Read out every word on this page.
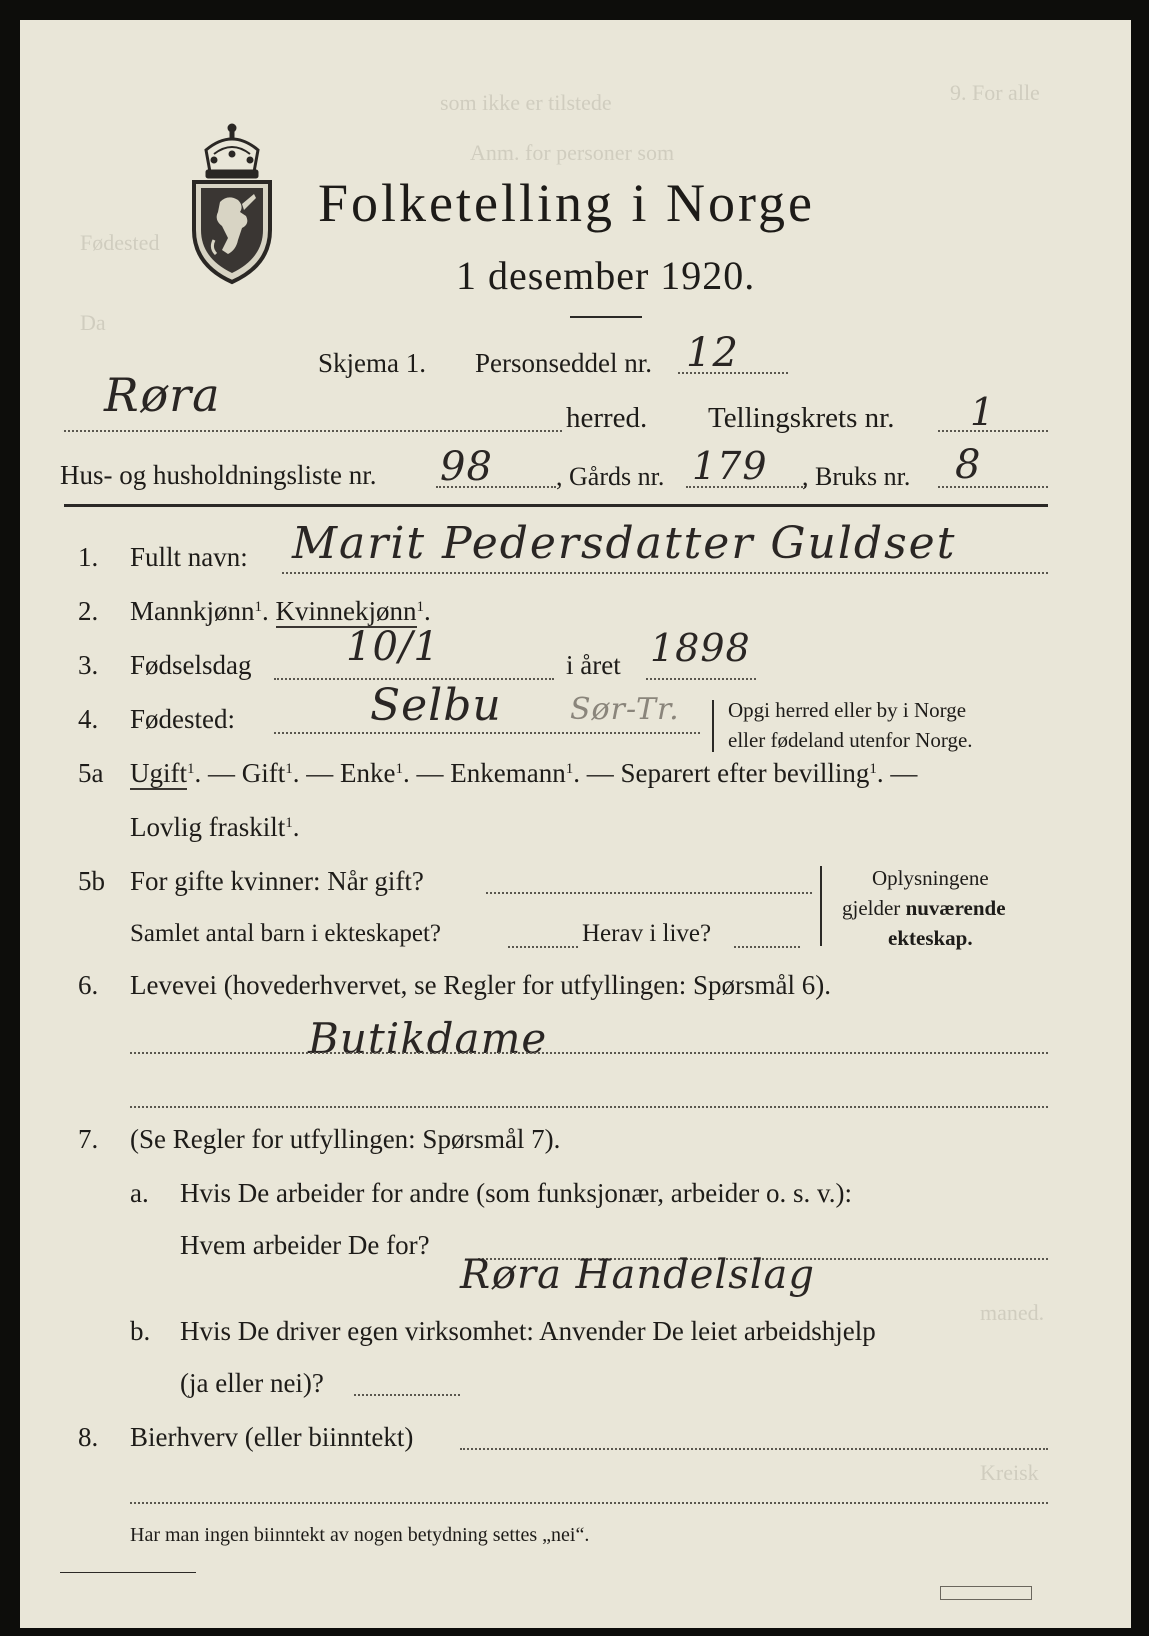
9. For alle
som ikke er tilstede
Anm. for personer som
Fødested
Da
maned.
Kreisk
Folketelling i Norge
1 desember 1920.
Skjema 1. Personseddel nr. 12
Røra	herred. Tellingskrets nr. 1
Hus- og husholdningsliste nr. 98 , Gårds nr. 179 , Bruks nr. 8
1. Fullt navn: Marit Pedersdatter Guldset
2. Mannkjønn$^1$. Kvinnekjønn$^1$.
3. Fødselsdag 10/1	i året 1898
4. Fødested:	Selbu Sør-Tr. Opgi herred eller by i Norge
eller fødeland utenfor Norge.
5a Ugift$^1$. — Gift$^1$. — Enke$^1$. — Enkemann$^1$. — Separert efter bevilling$^1$. —
Lovlig fraskilt$^1$.
5b For gifte kvinner: Når gift?
Samlet antal barn i ekteskapet?	Herav i live?
Oplysningene
gjelder nuværende
ekteskap.
6. Levevei (hovederhvervet, se Regler for utfyllingen: Spørsmål 6).
Butikdame
7. (Se Regler for utfyllingen: Spørsmål 7).
a. Hvis De arbeider for andre (som funksjonær, arbeider o. s. v.):
Hvem arbeider De for?
Røra Handelslag
b. Hvis De driver egen virksomhet: Anvender De leiet arbeidshjelp
(ja eller nei)?
8. Bierhverv (eller biinntekt)
Har man ingen biinntekt av nogen betydning settes „nei“.
